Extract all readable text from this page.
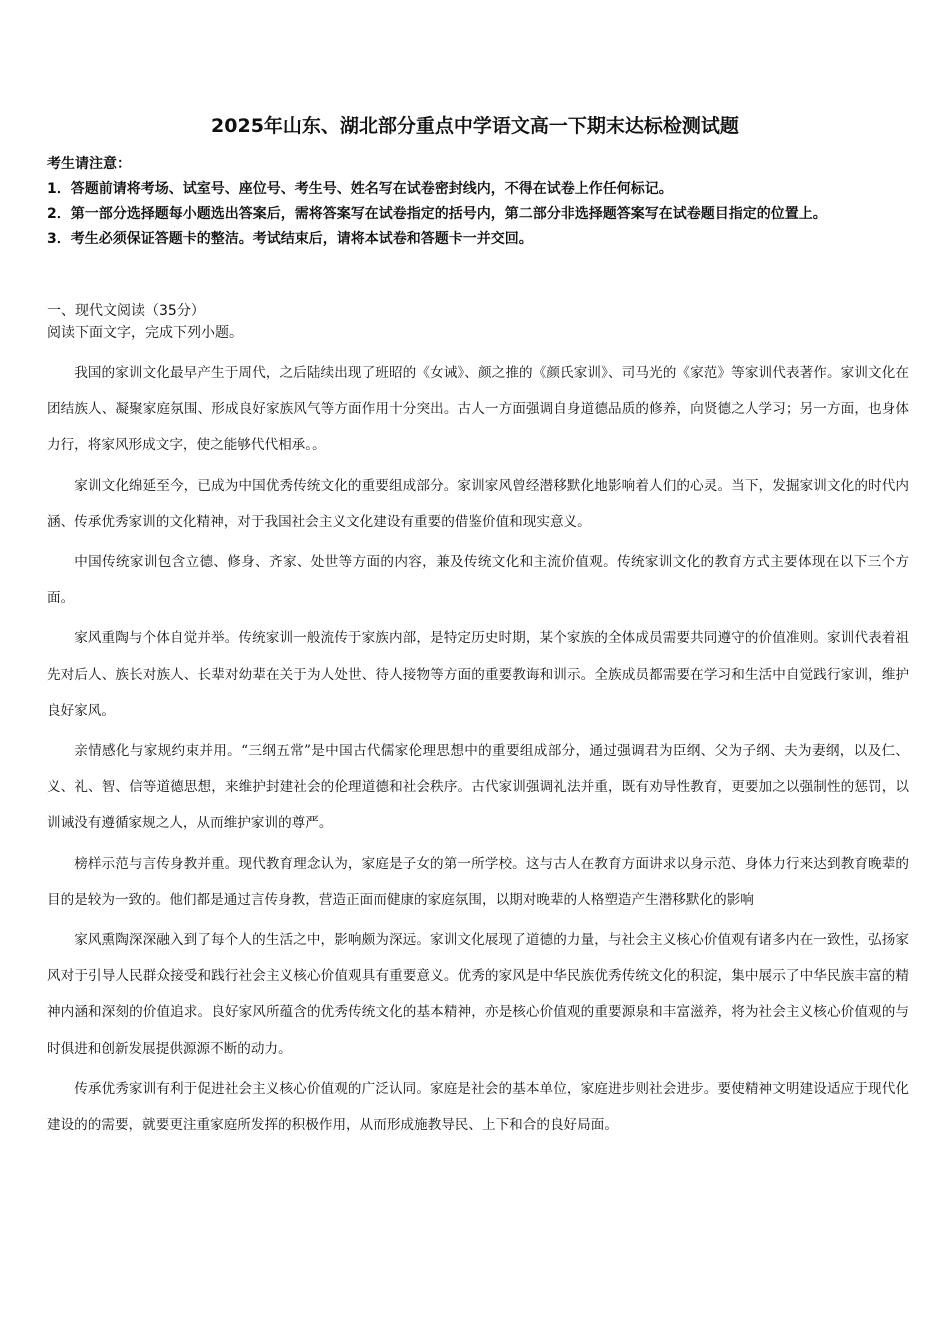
2025年山东、湖北部分重点中学语文高一下期末达标检测试题

考生请注意：

1．答题前请将考场、试室号、座位号、考生号、姓名写在试卷密封线内，不得在试卷上作任何标记。

2．第一部分选择题每小题选出答案后，需将答案写在试卷指定的括号内，第二部分非选择题答案写在试卷题目指定的位置上。

3．考生必须保证答题卡的整洁。考试结束后，请将本试卷和答题卡一并交回。

一、现代文阅读（35分）

阅读下面文字，完成下列小题。

我国的家训文化最早产生于周代，之后陆续出现了班昭的《女诫》、颜之推的《颜氏家训》、司马光的《家范》等家训代表著作。家训文化在团结族人、凝聚家庭氛围、形成良好家族风气等方面作用十分突出。古人一方面强调自身道德品质的修养，向贤德之人学习；另一方面，也身体力行，将家风形成文字，使之能够代代相承。。

家训文化绵延至今，已成为中国优秀传统文化的重要组成部分。家训家风曾经潜移默化地影响着人们的心灵。当下，发掘家训文化的时代内涵、传承优秀家训的文化精神，对于我国社会主义文化建设有重要的借鉴价值和现实意义。

中国传统家训包含立德、修身、齐家、处世等方面的内容，兼及传统文化和主流价值观。传统家训文化的教育方式主要体现在以下三个方面。

家风重陶与个体自觉并举。传统家训一般流传于家族内部，是特定历史时期，某个家族的全体成员需要共同遵守的价值准则。家训代表着祖先对后人、族长对族人、长辈对幼辈在关于为人处世、待人接物等方面的重要教诲和训示。全族成员都需要在学习和生活中自觉践行家训，维护良好家风。

亲情感化与家规约束并用。“三纲五常”是中国古代儒家伦理思想中的重要组成部分，通过强调君为臣纲、父为子纲、夫为妻纲，以及仁、义、礼、智、信等道德思想，来维护封建社会的伦理道德和社会秩序。古代家训强调礼法并重，既有劝导性教育，更要加之以强制性的惩罚，以训诫没有遵循家规之人，从而维护家训的尊严。

榜样示范与言传身教并重。现代教育理念认为，家庭是子女的第一所学校。这与古人在教育方面讲求以身示范、身体力行来达到教育晚辈的目的是较为一致的。他们都是通过言传身教，营造正面而健康的家庭氛围，以期对晚辈的人格塑造产生潜移默化的影响

家风熏陶深深融入到了每个人的生活之中，影响颇为深远。家训文化展现了道德的力量，与社会主义核心价值观有诸多内在一致性，弘扬家风对于引导人民群众接受和践行社会主义核心价值观具有重要意义。优秀的家风是中华民族优秀传统文化的积淀，集中展示了中华民族丰富的精神内涵和深刻的价值追求。良好家风所蕴含的优秀传统文化的基本精神，亦是核心价值观的重要源泉和丰富滋养，将为社会主义核心价值观的与时俱进和创新发展提供源源不断的动力。

传承优秀家训有利于促进社会主义核心价值观的广泛认同。家庭是社会的基本单位，家庭进步则社会进步。要使精神文明建设适应于现代化建设的的需要，就要更注重家庭所发挥的积极作用，从而形成施教导民、上下和合的良好局面。
